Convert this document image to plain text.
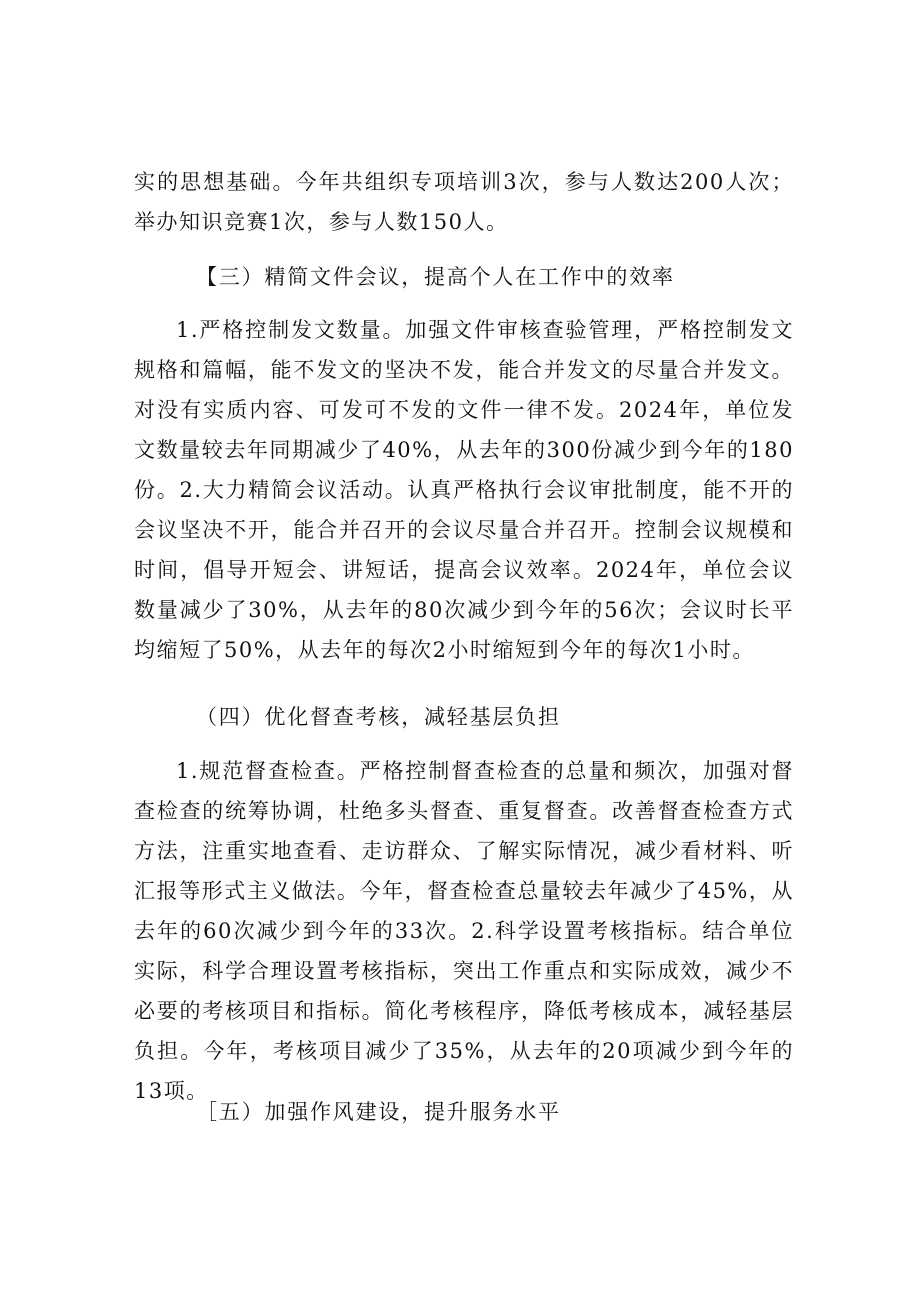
实的思想基础。今年共组织专项培训3次，参与人数达200人次；举办知识竞赛1次，参与人数150人。

【三）精简文件会议，提高个人在工作中的效率

1.严格控制发文数量。加强文件审核查验管理，严格控制发文规格和篇幅，能不发文的坚决不发，能合并发文的尽量合并发文。对没有实质内容、可发可不发的文件一律不发。2024年，单位发文数量较去年同期减少了40%，从去年的300份减少到今年的180份。2.大力精简会议活动。认真严格执行会议审批制度，能不开的会议坚决不开，能合并召开的会议尽量合并召开。控制会议规模和时间，倡导开短会、讲短话，提高会议效率。2024年，单位会议数量减少了30%，从去年的80次减少到今年的56次；会议时长平均缩短了50%，从去年的每次2小时缩短到今年的每次1小时。

（四）优化督查考核，减轻基层负担

1.规范督查检查。严格控制督查检查的总量和频次，加强对督查检查的统筹协调，杜绝多头督查、重复督查。改善督查检查方式方法，注重实地查看、走访群众、了解实际情况，减少看材料、听汇报等形式主义做法。今年，督查检查总量较去年减少了45%，从去年的60次减少到今年的33次。2.科学设置考核指标。结合单位实际，科学合理设置考核指标，突出工作重点和实际成效，减少不必要的考核项目和指标。简化考核程序，降低考核成本，减轻基层负担。今年，考核项目减少了35%，从去年的20项减少到今年的13项。

［五）加强作风建设，提升服务水平
